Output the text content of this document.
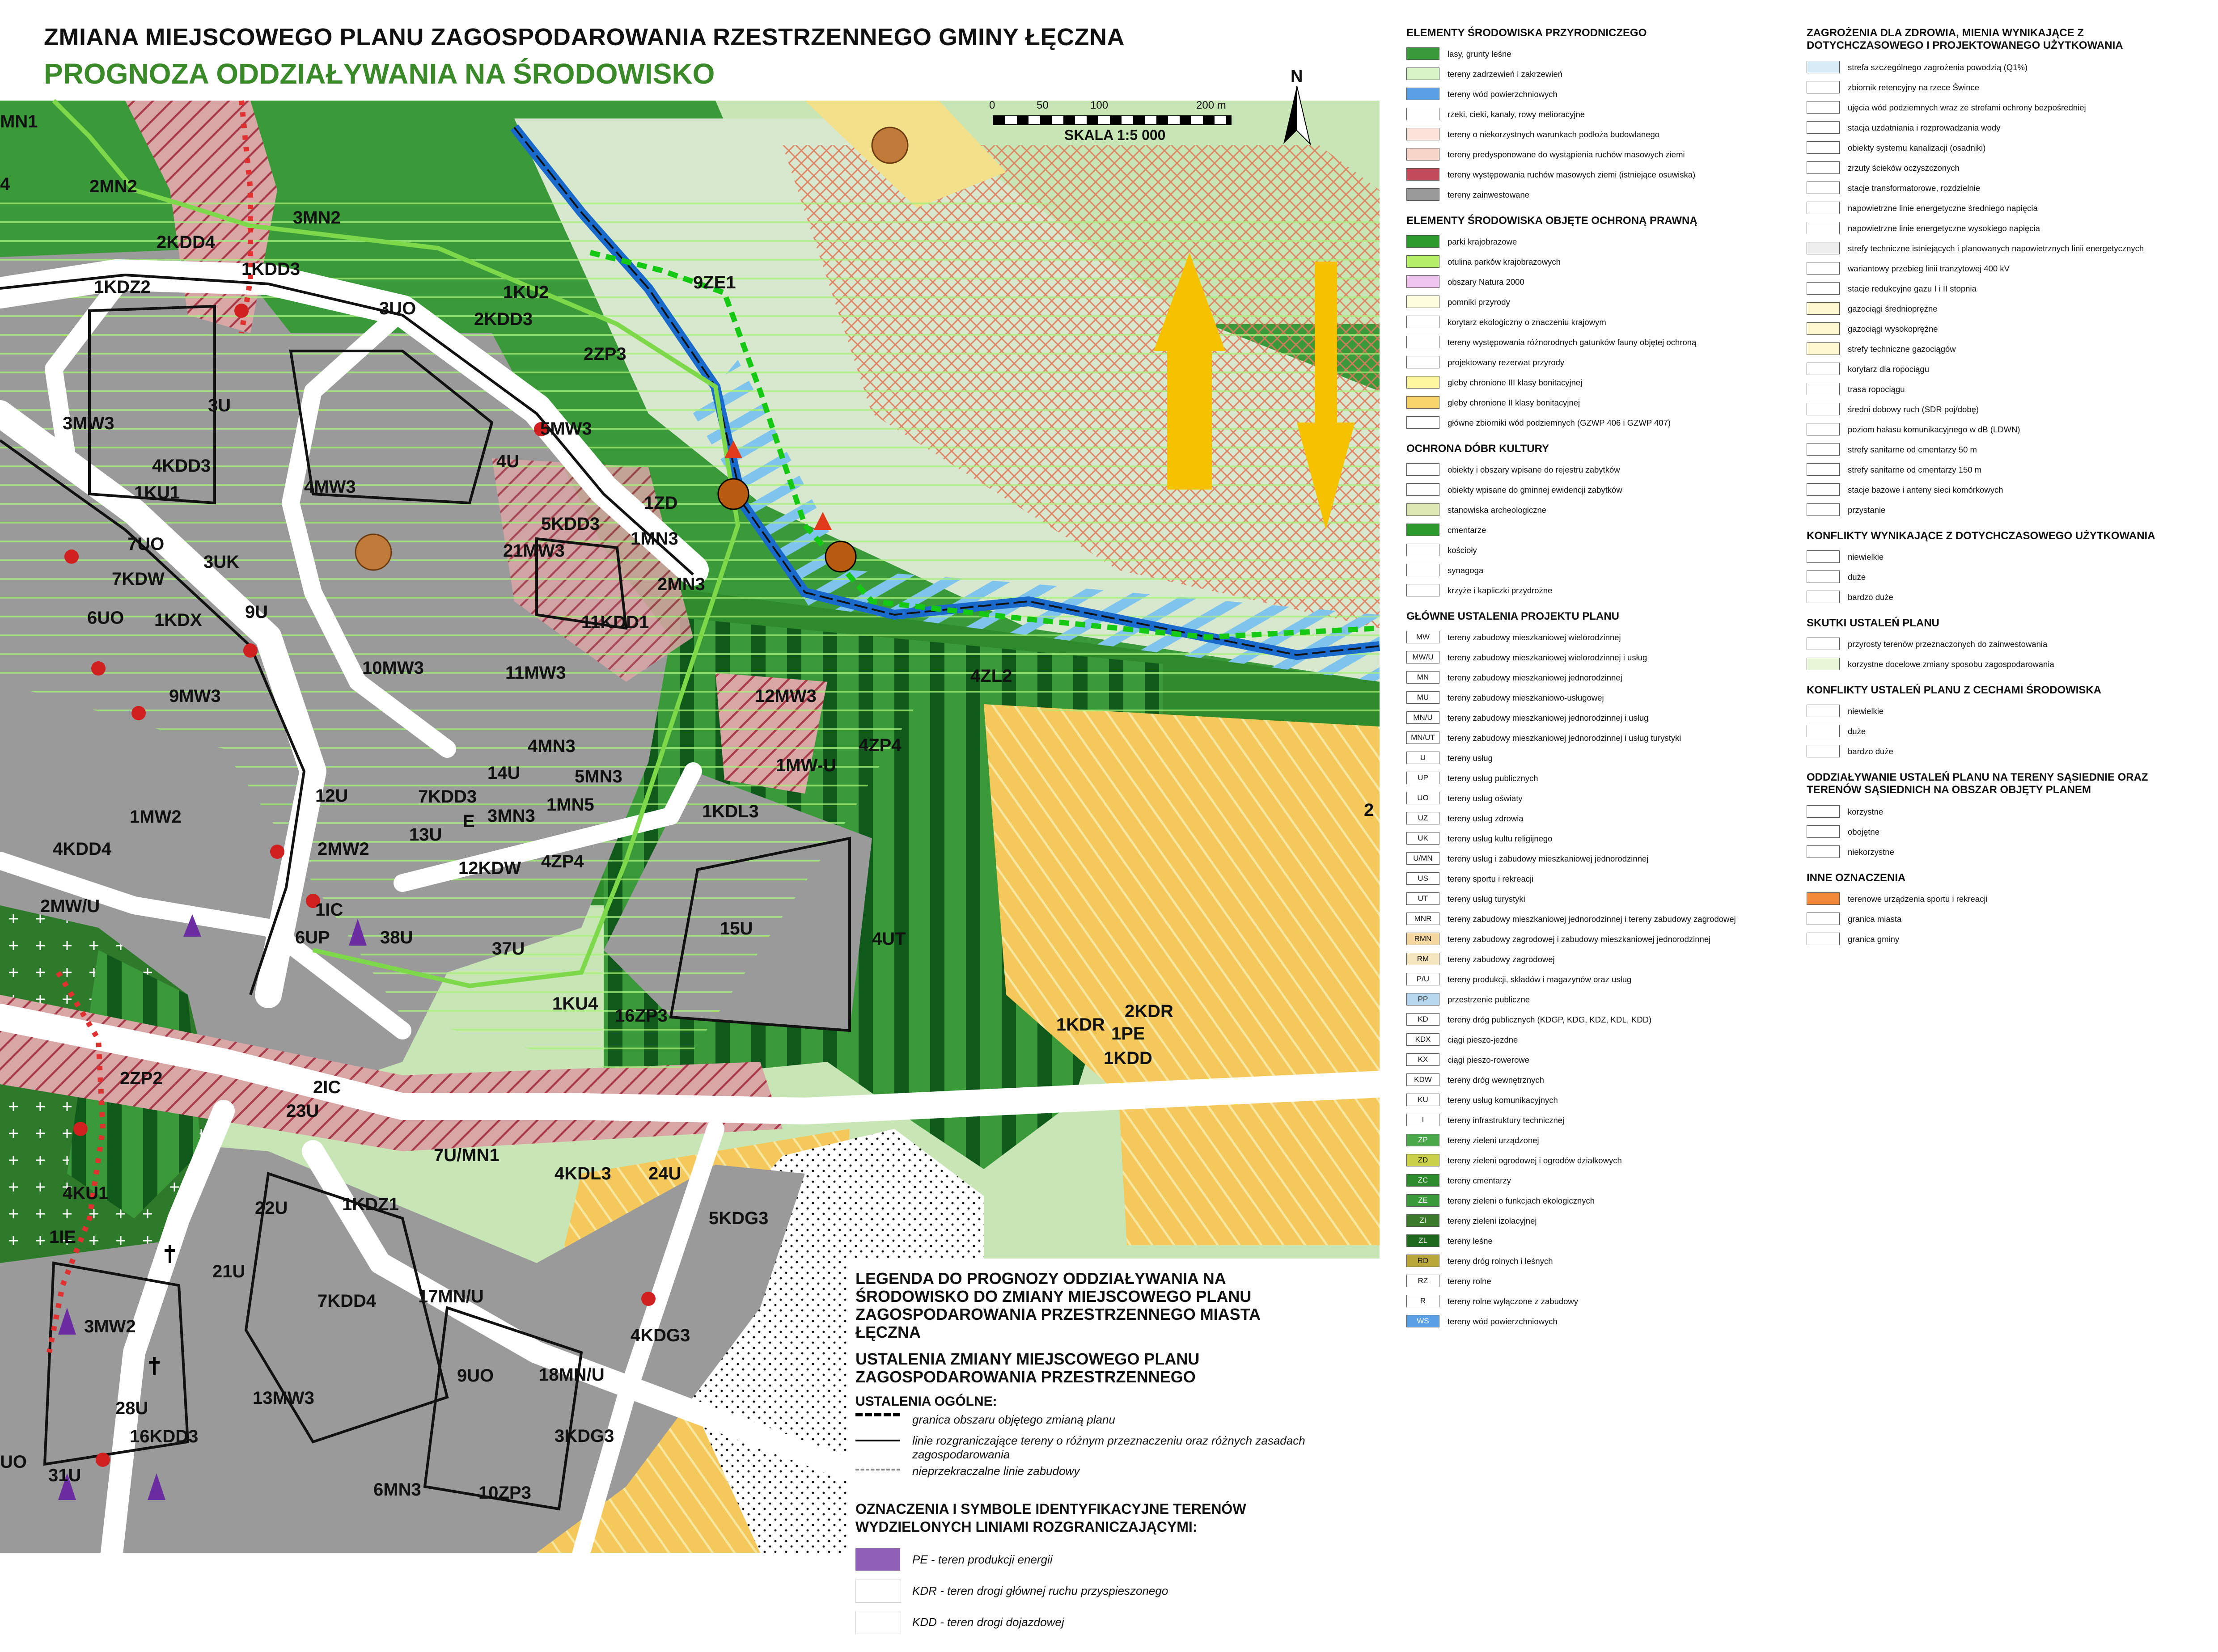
ZMIANA MIEJSCOWEGO PLANU ZAGOSPODAROWANIA RZESTRZENNEGO GMINY ŁĘCZNA
PROGNOZA ODDZIAŁYWANIA NA ŚRODOWISKO
MN1
4	2MN2
3MN2
2KDD4
1KDD3
1KDZ2
3UO
1KU2
2KDD3
9ZE1
2ZP3
3MW3
3U
5MW3
4U
4KDD3
1KU1	4MW3
1ZD
5KDD3
1MN3
7UO	21MW3
3UK
2MN3
7KDW
11KDD1
6UO 1KDX 9U
10MW3	11MW3	4ZL2
9MW3	12MW3
4MN3
14U	5MN3
1MW-U
4ZP4
12U	7KDD3
3MN3
1MN5	1KDL3
1MW2
13U
4KDD4	2MW2
12KDW 4ZP4
E
2MW/U	1IC
6UP	38U	15U
4UT
37U
1KU4
16ZP3	1KDR
2KDR
1PE
1KDD
2ZP2	2IC
23U
4KU1
7U/MN1
4KDL3 24U
22U	1KDZ1
5KDG3
1IE
21U
7KDD4 17MN/U
3MW2	4KDG3
9UO	18MN/U
28U
13MW3
16KDD3	3KDG3
UO
31U
6MN3	10ZP3
2
LEGENDA DO PROGNOZY ODDZIAŁYWANIA NA ŚRODOWISKO DO ZMIANY MIEJSCOWEGO PLANU ZAGOSPODAROWANIA PRZESTRZENNEGO MIASTA ŁĘCZNA
USTALENIA ZMIANY MIEJSCOWEGO PLANU ZAGOSPODAROWANIA PRZESTRZENNEGO
USTALENIA OGÓLNE:
granica obszaru objętego zmianą planu
linie rozgraniczające tereny o różnym przeznaczeniu oraz różnych zasadach zagospodarowania
nieprzekraczalne linie zabudowy
OZNACZENIA I SYMBOLE IDENTYFIKACYJNE TERENÓW WYDZIELONYCH LINIAMI ROZGRANICZAJĄCYMI:
PE - teren produkcji energii
KDR - teren drogi głównej ruchu przyspieszonego
KDD - teren drogi dojazdowej
0	50	100	200 m
SKALA 1:5 000
N
ELEMENTY ŚRODOWISKA PRZYRODNICZEGO
lasy, grunty leśne
tereny zadrzewień i zakrzewień
tereny wód powierzchniowych
rzeki, cieki, kanały, rowy melioracyjne
tereny o niekorzystnych warunkach podłoża budowlanego
tereny predysponowane do wystąpienia ruchów masowych ziemi
tereny występowania ruchów masowych ziemi (istniejące osuwiska)
tereny zainwestowane
ELEMENTY ŚRODOWISKA OBJĘTE OCHRONĄ PRAWNĄ
parki krajobrazowe
otulina parków krajobrazowych
obszary Natura 2000
pomniki przyrody
korytarz ekologiczny o znaczeniu krajowym
tereny występowania różnorodnych gatunków fauny objętej ochroną
projektowany rezerwat przyrody
gleby chronione III klasy bonitacyjnej
gleby chronione II klasy bonitacyjnej
główne zbiorniki wód podziemnych (GZWP 406 i GZWP 407)
OCHRONA DÓBR KULTURY
obiekty i obszary wpisane do rejestru zabytków
obiekty wpisane do gminnej ewidencji zabytków
stanowiska archeologiczne
cmentarze
kościoły
synagoga
krzyże i kapliczki przydrożne
GŁÓWNE USTALENIA PROJEKTU PLANU
MW	tereny zabudowy mieszkaniowej wielorodzinnej
MW/U	tereny zabudowy mieszkaniowej wielorodzinnej i usług
MN	tereny zabudowy mieszkaniowej jednorodzinnej
MU	tereny zabudowy mieszkaniowo-usługowej
MN/U	tereny zabudowy mieszkaniowej jednorodzinnej i usług
MN/UT	tereny zabudowy mieszkaniowej jednorodzinnej i usług turystyki
U	tereny usług
UP	tereny usług publicznych
UO	tereny usług oświaty
UZ	tereny usług zdrowia
UK	tereny usług kultu religijnego
U/MN	tereny usług i zabudowy mieszkaniowej jednorodzinnej
US	tereny sportu i rekreacji
UT	tereny usług turystyki
MNR	tereny zabudowy mieszkaniowej jednorodzinnej i tereny zabudowy zagrodowej
RMN	tereny zabudowy zagrodowej i zabudowy mieszkaniowej jednorodzinnej
RM	tereny zabudowy zagrodowej
P/U	tereny produkcji, składów i magazynów oraz usług
PP	przestrzenie publiczne
KD	tereny dróg publicznych (KDGP, KDG, KDZ, KDL, KDD)
KDX	ciągi pieszo-jezdne
KX	ciągi pieszo-rowerowe
KDW	tereny dróg wewnętrznych
KU	tereny usług komunikacyjnych
I	tereny infrastruktury technicznej
ZP	tereny zieleni urządzonej
ZD	tereny zieleni ogrodowej i ogrodów działkowych
ZC	tereny cmentarzy
ZE	tereny zieleni o funkcjach ekologicznych
ZI	tereny zieleni izolacyjnej
ZL	tereny leśne
RD	tereny dróg rolnych i leśnych
RZ	tereny rolne
R	tereny rolne wyłączone z zabudowy
WS	tereny wód powierzchniowych
ZAGROŻENIA DLA ZDROWIA, MIENIA WYNIKAJĄCE Z DOTYCHCZASOWEGO I PROJEKTOWANEGO UŻYTKOWANIA
strefa szczególnego zagrożenia powodzią (Q1%)
zbiornik retencyjny na rzece Śwince
ujęcia wód podziemnych wraz ze strefami ochrony bezpośredniej
stacja uzdatniania i rozprowadzania wody
obiekty systemu kanalizacji (osadniki)
zrzuty ścieków oczyszczonych
stacje transformatorowe, rozdzielnie
napowietrzne linie energetyczne średniego napięcia
napowietrzne linie energetyczne wysokiego napięcia
strefy techniczne istniejących i planowanych napowietrznych linii energetycznych
wariantowy przebieg linii tranzytowej 400 kV
stacje redukcyjne gazu I i II stopnia
gazociągi średnioprężne
gazociągi wysokoprężne
strefy techniczne gazociągów
korytarz dla ropociągu
trasa ropociągu
średni dobowy ruch (SDR poj/dobę)
poziom hałasu komunikacyjnego w dB (LDWN)
strefy sanitarne od cmentarzy 50 m
strefy sanitarne od cmentarzy 150 m
stacje bazowe i anteny sieci komórkowych
przystanie
KONFLIKTY WYNIKAJĄCE Z DOTYCHCZASOWEGO UŻYTKOWANIA
niewielkie
duże
bardzo duże
SKUTKI USTALEŃ PLANU
przyrosty terenów przeznaczonych do zainwestowania
korzystne docelowe zmiany sposobu zagospodarowania
KONFLIKTY USTALEŃ PLANU Z CECHAMI ŚRODOWISKA
niewielkie
duże
bardzo duże
ODDZIAŁYWANIE USTALEŃ PLANU NA TERENY SĄSIEDNIE ORAZ TERENÓW SĄSIEDNICH NA OBSZAR OBJĘTY PLANEM
korzystne
obojętne
niekorzystne
INNE OZNACZENIA
terenowe urządzenia sportu i rekreacji
granica miasta
granica gminy
